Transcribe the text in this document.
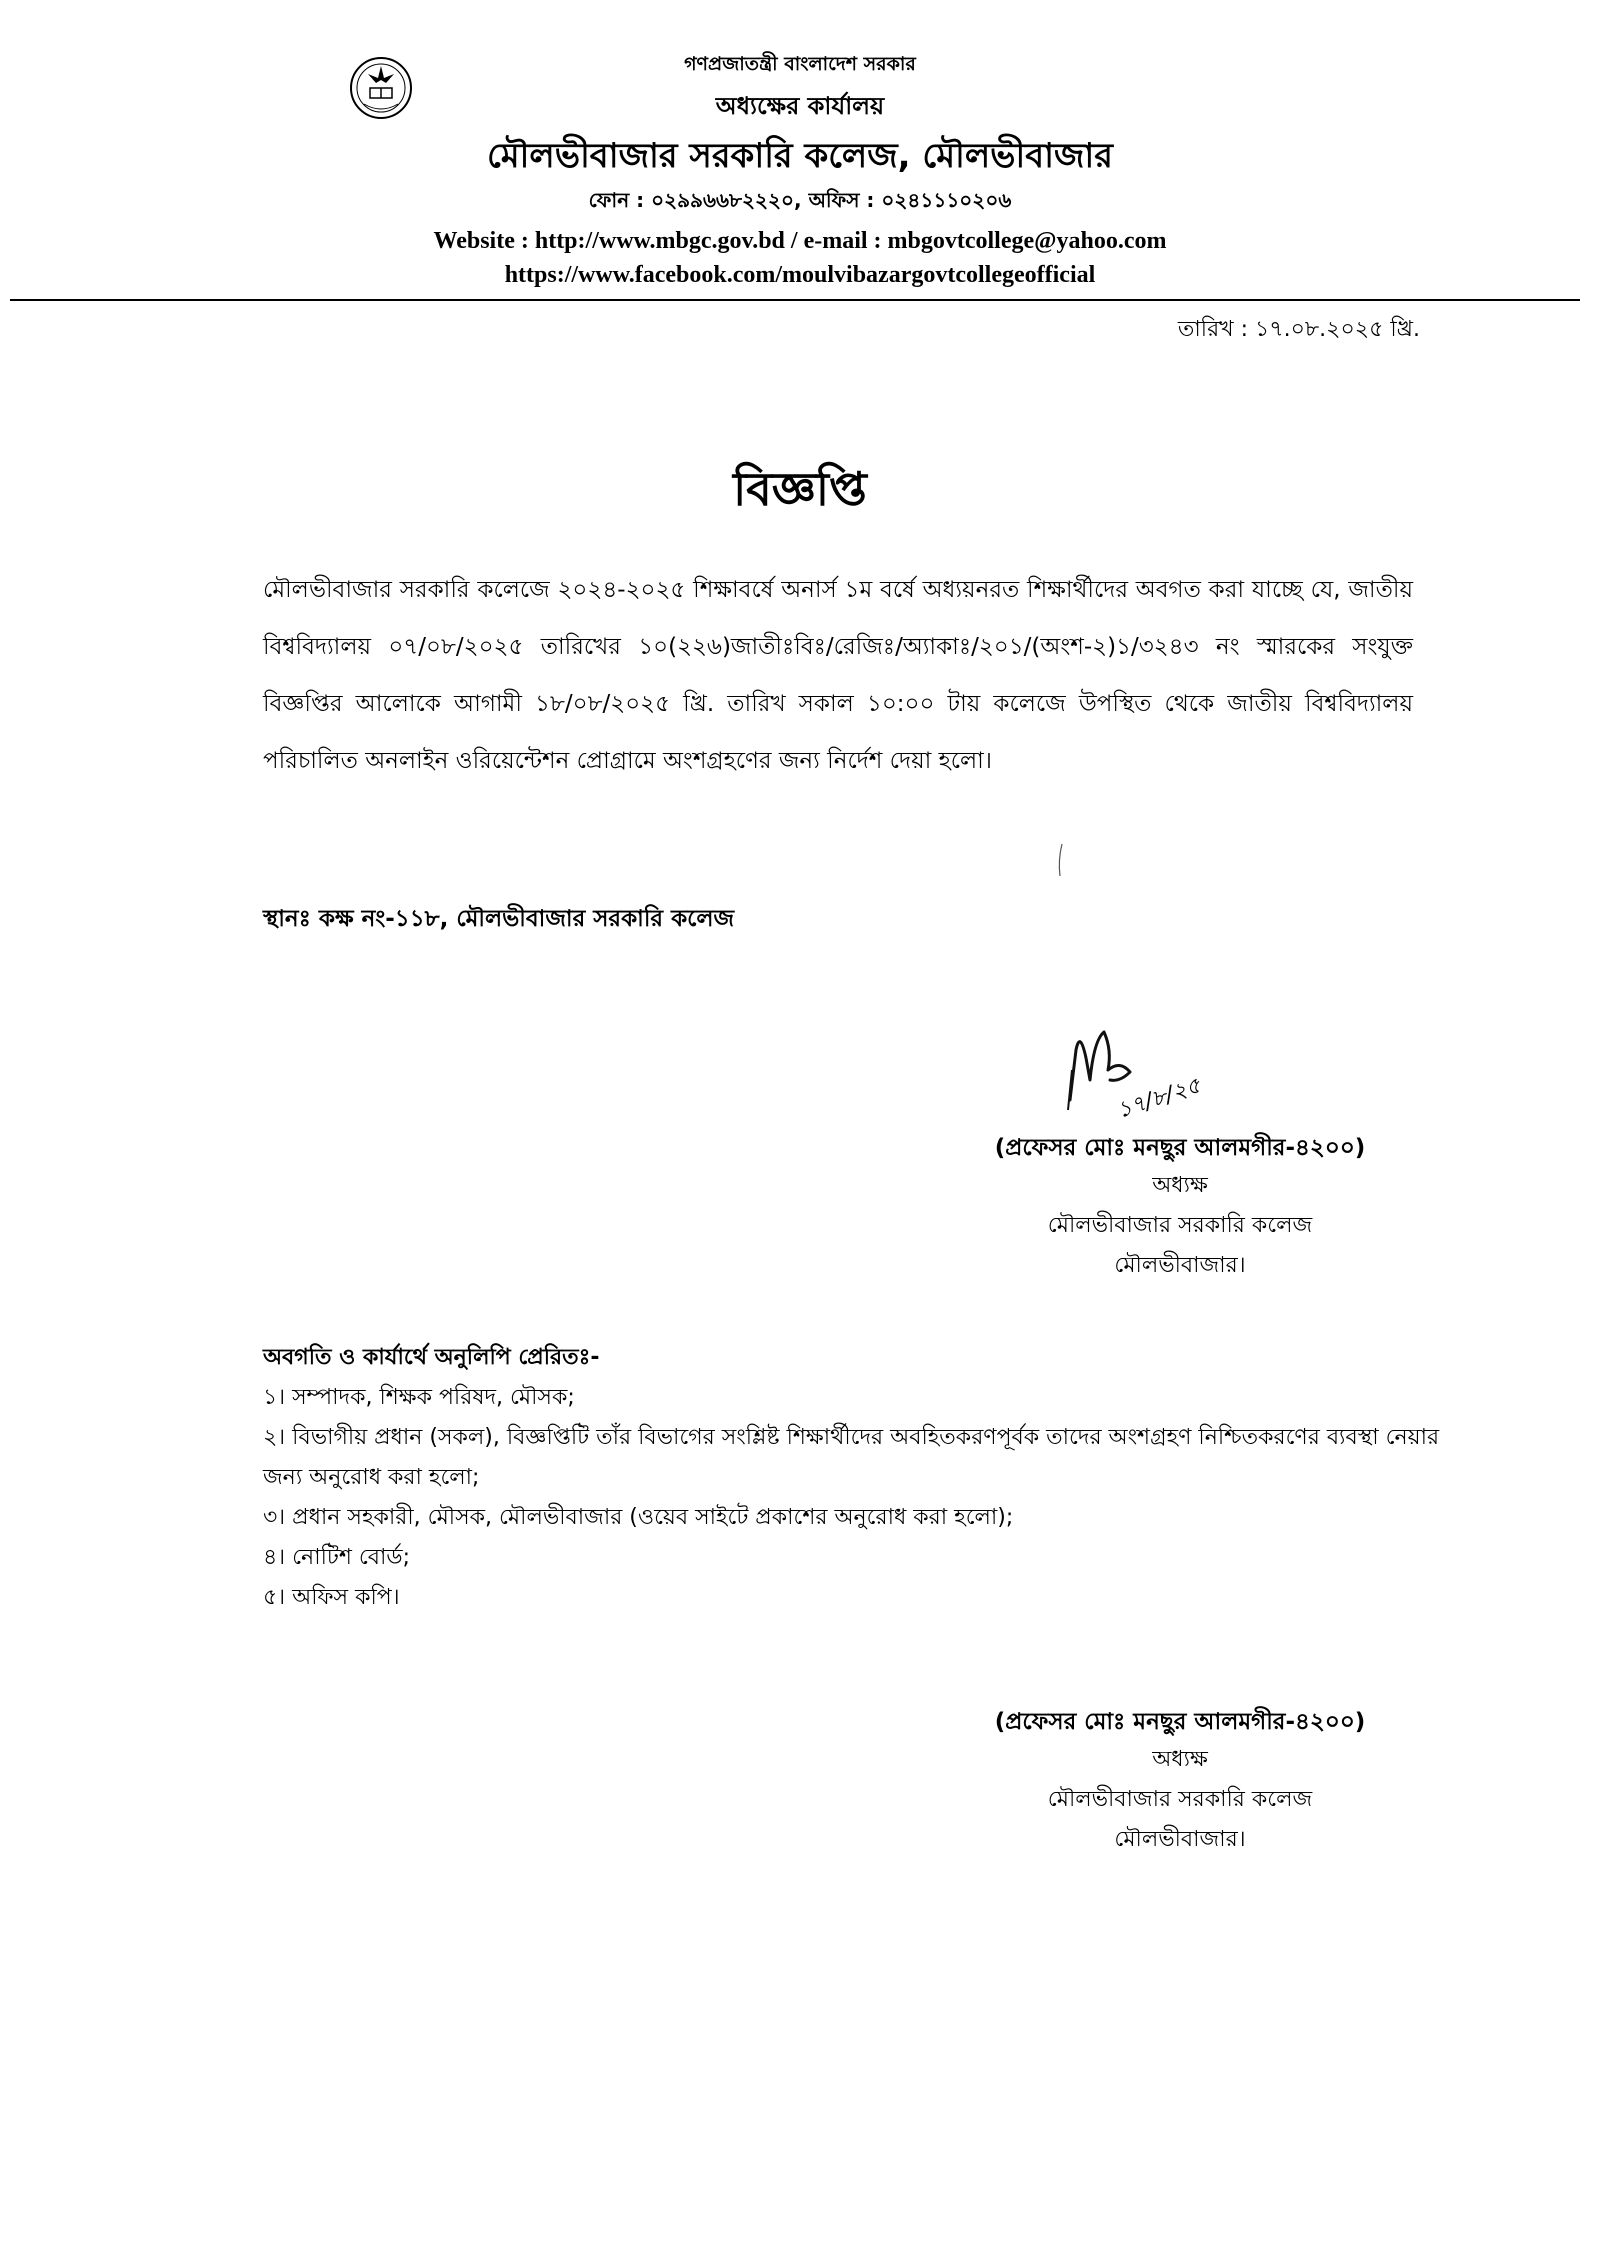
গণপ্রজাতন্ত্রী বাংলাদেশ সরকার
অধ্যক্ষের কার্যালয়
মৌলভীবাজার সরকারি কলেজ, মৌলভীবাজার
ফোন : ০২৯৯৬৬৮২২২০, অফিস : ০২৪১১১০২০৬
Website : http://www.mbgc.gov.bd / e-mail : mbgovtcollege@yahoo.com
https://www.facebook.com/moulvibazargovtcollegeofficial
তারিখ : ১৭.০৮.২০২৫ খ্রি.
বিজ্ঞপ্তি
মৌলভীবাজার সরকারি কলেজে ২০২৪-২০২৫ শিক্ষাবর্ষে অনার্স ১ম বর্ষে অধ্যয়নরত শিক্ষার্থীদের অবগত করা যাচ্ছে যে, জাতীয় বিশ্ববিদ্যালয় ০৭/০৮/২০২৫ তারিখের ১০(২২৬)জাতীঃবিঃ/রেজিঃ/অ্যাকাঃ/২০১/(অংশ-২)১/৩২৪৩ নং স্মারকের সংযুক্ত বিজ্ঞপ্তির আলোকে আগামী ১৮/০৮/২০২৫ খ্রি. তারিখ সকাল ১০:০০ টায় কলেজে উপস্থিত থেকে জাতীয় বিশ্ববিদ্যালয় পরিচালিত অনলাইন ওরিয়েন্টেশন প্রোগ্রামে অংশগ্রহণের জন্য নির্দেশ দেয়া হলো।
স্থানঃ কক্ষ নং-১১৮, মৌলভীবাজার সরকারি কলেজ
১৭/৮/২৫
(প্রফেসর মোঃ মনছুর আলমগীর-৪২০০)
অধ্যক্ষ
মৌলভীবাজার সরকারি কলেজ
মৌলভীবাজার।
অবগতি ও কার্যার্থে অনুলিপি প্রেরিতঃ-
১। সম্পাদক, শিক্ষক পরিষদ, মৌসক;
২। বিভাগীয় প্রধান (সকল), বিজ্ঞপ্তিটি তাঁর বিভাগের সংশ্লিষ্ট শিক্ষার্থীদের অবহিতকরণপূর্বক তাদের অংশগ্রহণ নিশ্চিতকরণের ব্যবস্থা নেয়ার জন্য অনুরোধ করা হলো;
৩। প্রধান সহকারী, মৌসক, মৌলভীবাজার (ওয়েব সাইটে প্রকাশের অনুরোধ করা হলো);
৪। নোটিশ বোর্ড;
৫। অফিস কপি।
(প্রফেসর মোঃ মনছুর আলমগীর-৪২০০)
অধ্যক্ষ
মৌলভীবাজার সরকারি কলেজ
মৌলভীবাজার।
